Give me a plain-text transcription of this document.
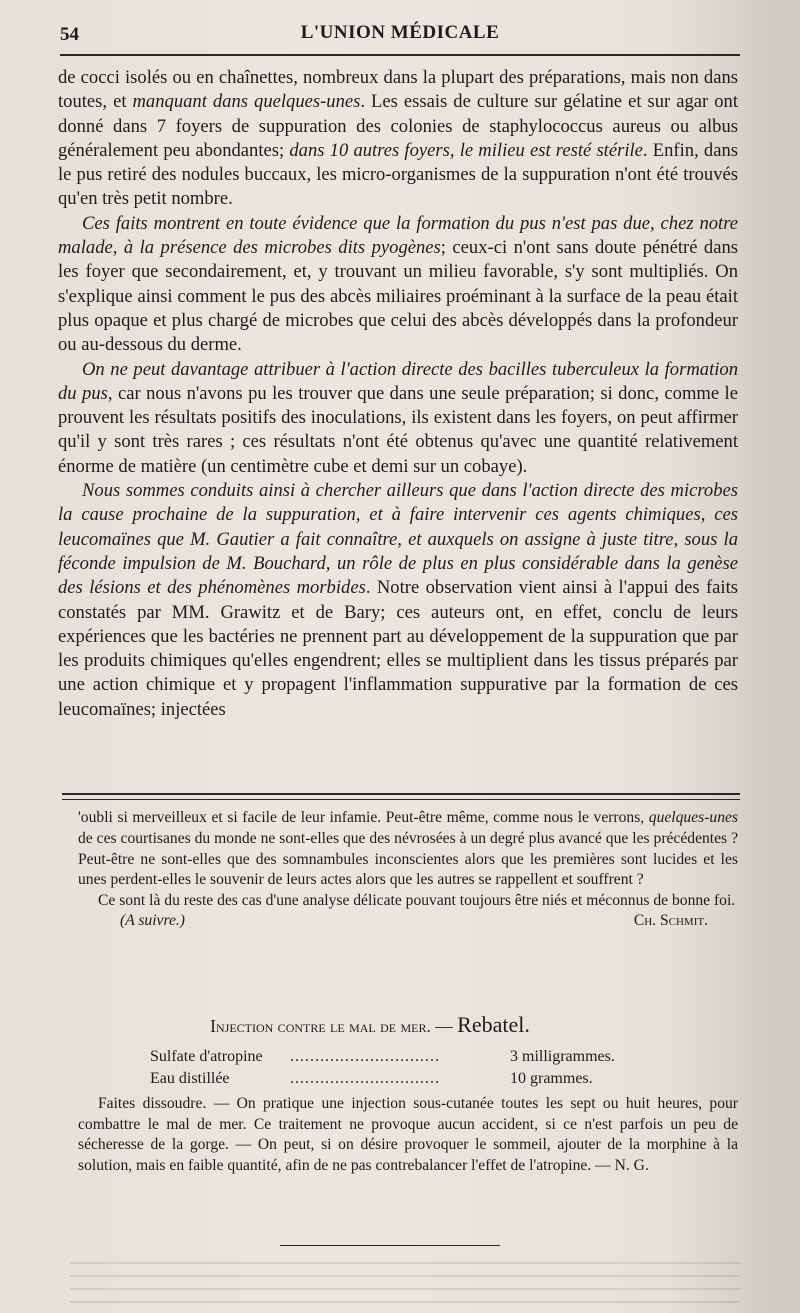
54	L'UNION MÉDICALE

de cocci isolés ou en chaînettes, nombreux dans la plupart des préparations, mais non dans toutes, et manquant dans quelques-unes. Les essais de culture sur gélatine et sur agar ont donné dans 7 foyers de suppuration des colonies de staphylococcus aureus ou albus généralement peu abondantes; dans 10 autres foyers, le milieu est resté stérile. Enfin, dans le pus retiré des nodules buccaux, les micro-organismes de la suppuration n'ont été trouvés qu'en très petit nombre.

Ces faits montrent en toute évidence que la formation du pus n'est pas due, chez notre malade, à la présence des microbes dits pyogènes; ceux-ci n'ont sans doute pénétré dans les foyer que secondairement, et, y trouvant un milieu favorable, s'y sont multipliés. On s'explique ainsi comment le pus des abcès miliaires proéminant à la surface de la peau était plus opaque et plus chargé de microbes que celui des abcès développés dans la profondeur ou au-dessous du derme.

On ne peut davantage attribuer à l'action directe des bacilles tuberculeux la formation du pus, car nous n'avons pu les trouver que dans une seule préparation; si donc, comme le prouvent les résultats positifs des inoculations, ils existent dans les foyers, on peut affirmer qu'il y sont très rares ; ces résultats n'ont été obtenus qu'avec une quantité relativement énorme de matière (un centimètre cube et demi sur un cobaye).

Nous sommes conduits ainsi à chercher ailleurs que dans l'action directe des microbes la cause prochaine de la suppuration, et à faire intervenir ces agents chimiques, ces leucomaïnes que M. Gautier a fait connaître, et auxquels on assigne à juste titre, sous la féconde impulsion de M. Bouchard, un rôle de plus en plus considérable dans la genèse des lésions et des phénomènes morbides. Notre observation vient ainsi à l'appui des faits constatés par MM. Grawitz et de Bary; ces auteurs ont, en effet, conclu de leurs expériences que les bactéries ne prennent part au développement de la suppuration que par les produits chimiques qu'elles engendrent; elles se multiplient dans les tissus préparés par une action chimique et y propagent l'inflammation suppurative par la formation de ces leucomaïnes; injectées

'oubli si merveilleux et si facile de leur infamie. Peut-être même, comme nous le verrons, quelques-unes de ces courtisanes du monde ne sont-elles que des névrosées à un degré plus avancé que les précédentes ? Peut-être ne sont-elles que des somnambules inconscientes alors que les premières sont lucides et les unes perdent-elles le souvenir de leurs actes alors que les autres se rappellent et souffrent ?

Ce sont là du reste des cas d'une analyse délicate pouvant toujours être niés et méconnus de bonne foi.

(A suivre.)	Ch. Schmit.
Injection contre le mal de mer. — Rebatel.
Sulfate d'atropine ..............................	3 milligrammes.
Eau distillée	..............................	10 grammes.

Faites dissoudre. — On pratique une injection sous-cutanée toutes les sept ou huit heures, pour combattre le mal de mer. Ce traitement ne provoque aucun accident, si ce n'est parfois un peu de sécheresse de la gorge. — On peut, si on désire provoquer le sommeil, ajouter de la morphine à la solution, mais en faible quantité, afin de ne pas contrebalancer l'effet de l'atropine. — N. G.
